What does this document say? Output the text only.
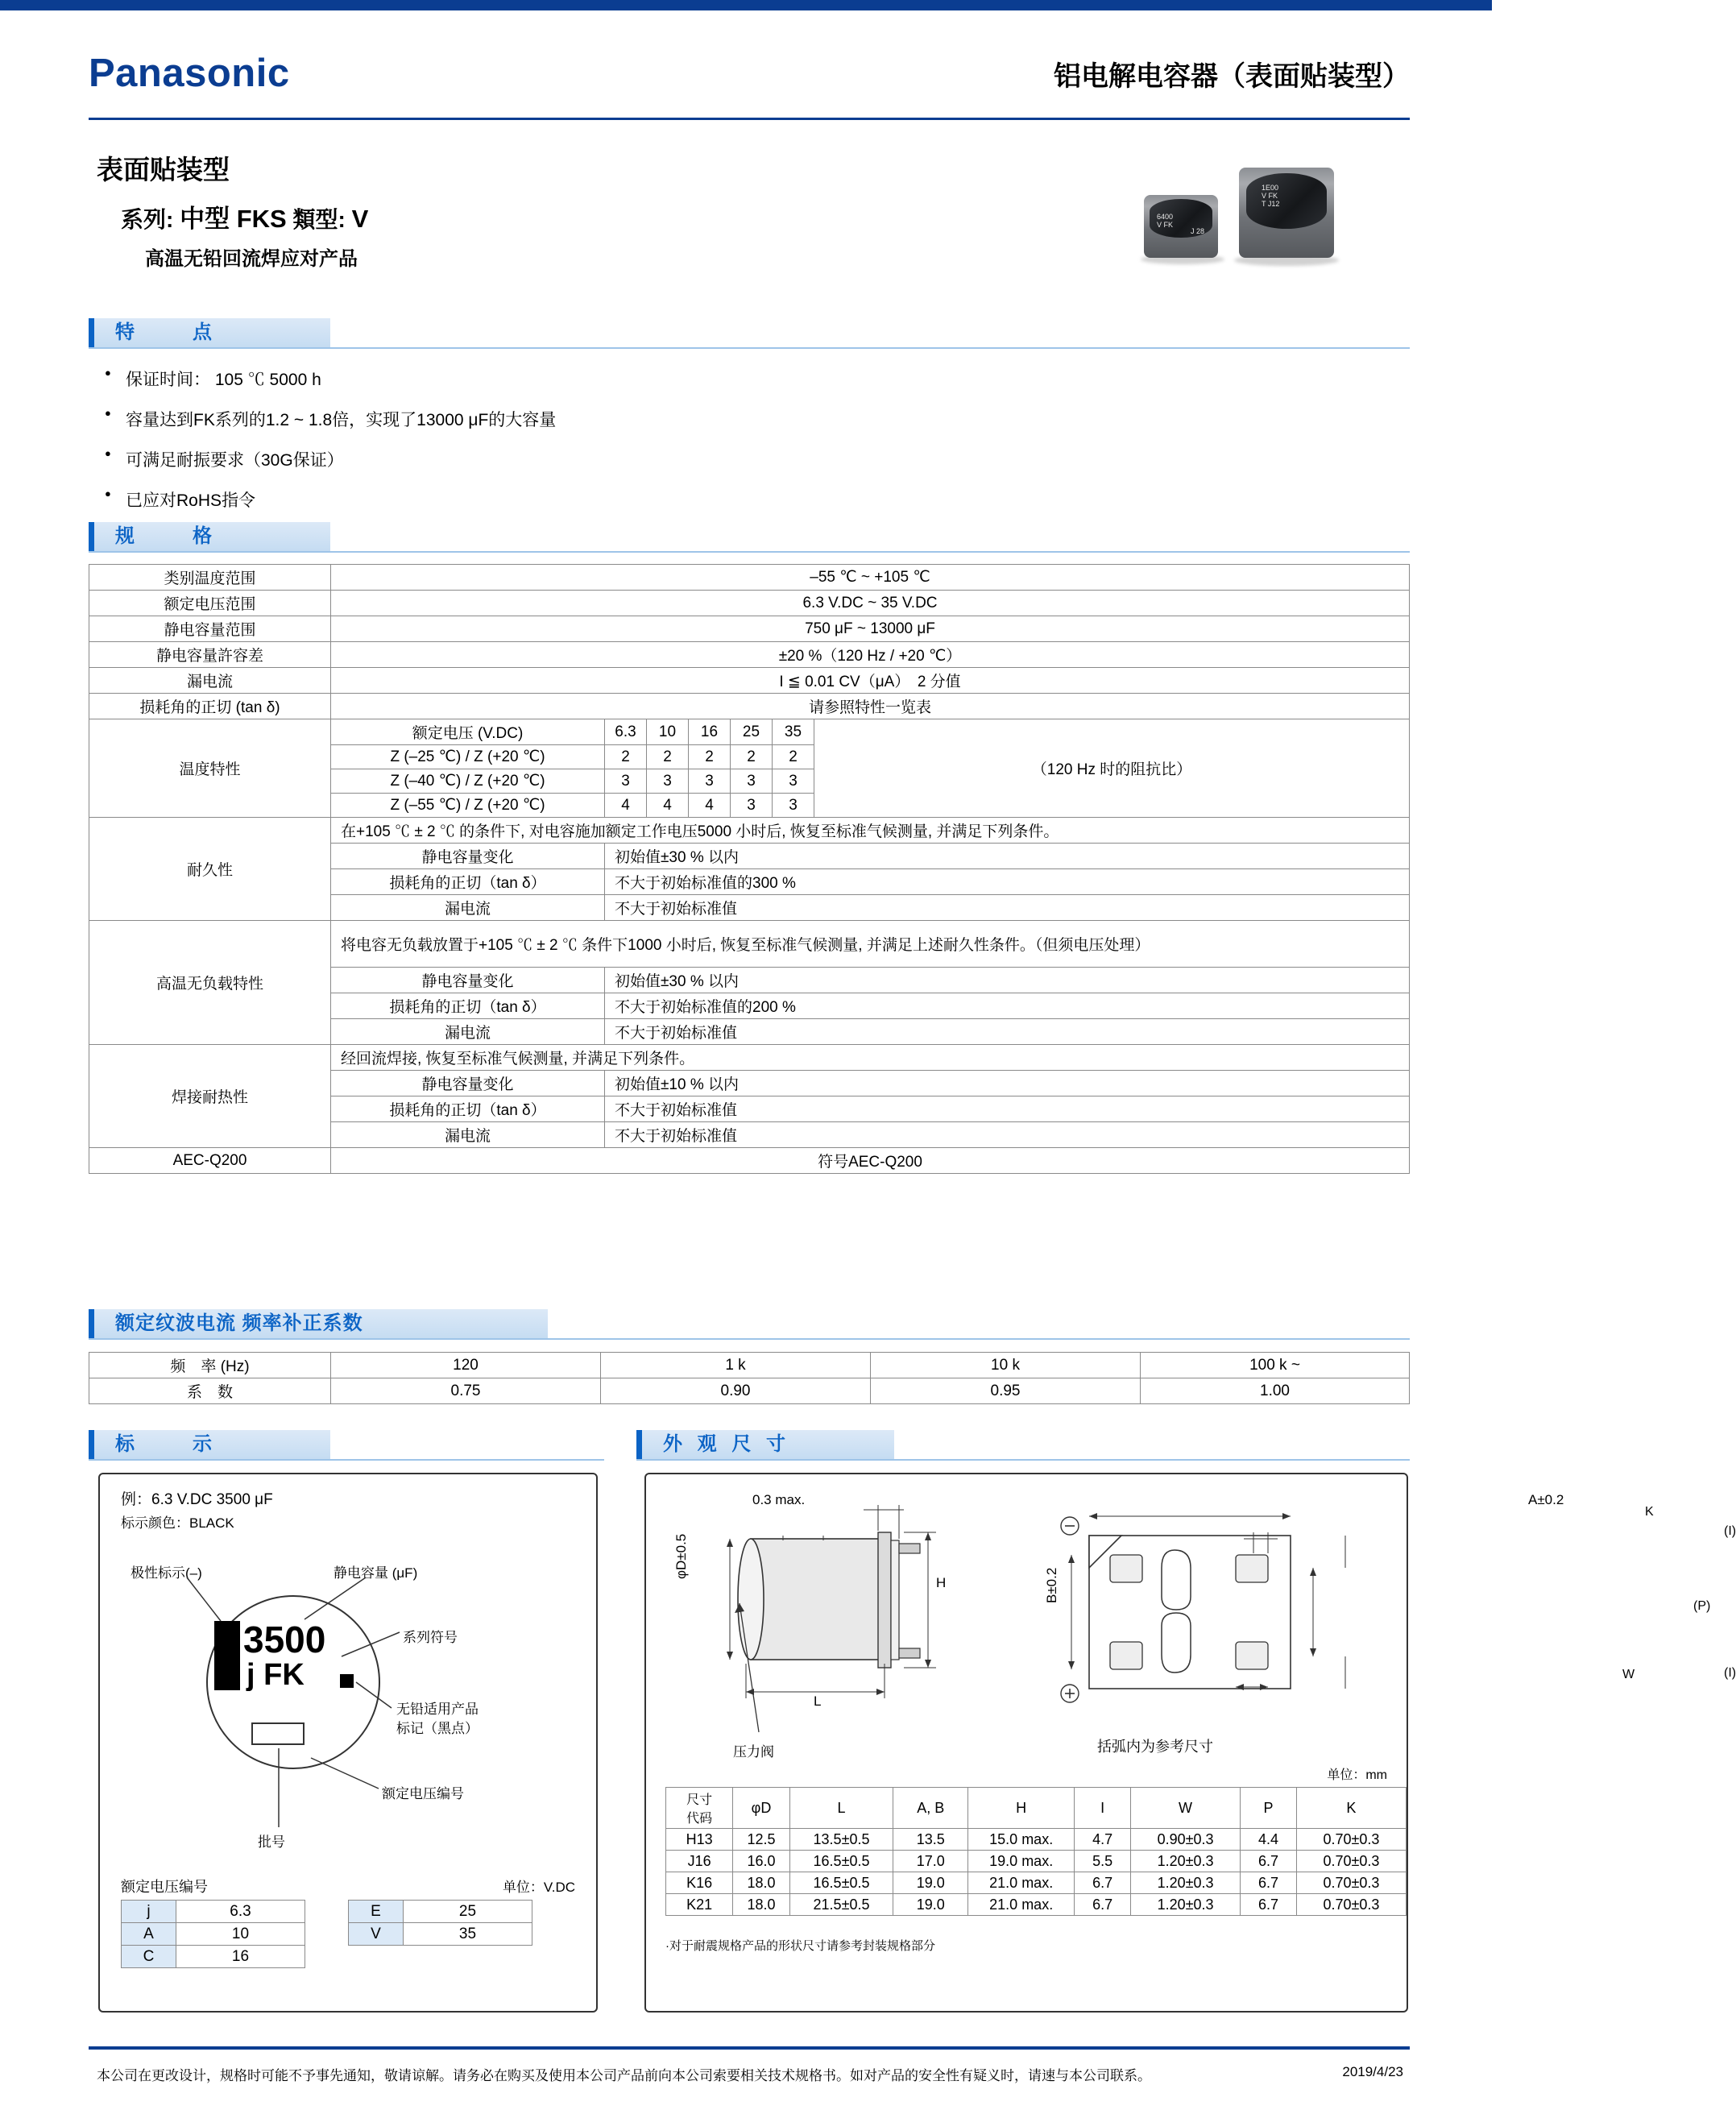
Panasonic	铝电解电容器（表面贴装型）
表面贴装型
系列: 中型 FKS 類型: V
高温无铅回流焊应对产品
6400
V FK
J 28
1E00
V FK
T J12
特　　点
● 保证时间： 105 ℃ 5000 h
● 容量达到FK系列的1.2 ~ 1.8倍，实现了13000 μF的大容量
● 可满足耐振要求（30G保证）
● 已应对RoHS指令
规　　格
类别温度范围	–55 ℃ ~ +105 ℃						
额定电压范围	6.3 V.DC ~ 35 V.DC						
静电容量范围	750 μF ~ 13000 μF						
静电容量許容差	±20 %（120 Hz / +20 ℃）						
漏电流	I ≦ 0.01 CV（μA）　2 分值						
损耗角的正切 (tan δ)	请参照特性一览表						
温度特性	额定电压 (V.DC)	6.3	10	16	25	35	（120 Hz 时的阻抗比）
	Z (–25 ℃) / Z (+20 ℃)	2	2	2	2	2	
	Z (–40 ℃) / Z (+20 ℃)	3	3	3	3	3	
	Z (–55 ℃) / Z (+20 ℃)	4	4	4	3	3	
耐久性	在+105 ℃ ± 2 ℃ 的条件下, 对电容施加额定工作电压5000 小时后, 恢复至标准气候测量, 并满足下列条件。						
	静电容量变化	初始值±30 % 以内					
	损耗角的正切（tan δ）	不大于初始标准值的300 %					
	漏电流	不大于初始标准值					
高温无负载特性	将电容无负载放置于+105 ℃ ± 2 ℃ 条件下1000 小时后, 恢复至标准气候测量, 并满足上述耐久性条件。（但须电压处理）						
	静电容量变化	初始值±30 % 以内					
	损耗角的正切（tan δ）	不大于初始标准值的200 %					
	漏电流	不大于初始标准值					
焊接耐热性	经回流焊接, 恢复至标准气候测量, 并满足下列条件。						
	静电容量变化	初始值±10 % 以内					
	损耗角的正切（tan δ）	不大于初始标准值					
	漏电流	不大于初始标准值					
AEC-Q200	符号AEC-Q200						
额定纹波电流 频率补正系数
频　率 (Hz)	120	1 k	10 k	100 k ~
系　数	0.75	0.90	0.95	1.00
标　　示
例：6.3 V.DC 3500 μF
标示颜色：BLACK
极性标示(–)	静电容量 (μF)
系列符号
无铅适用产品
标记（黑点）
额定电压编号
批号
3500
j FK
额定电压编号	单位：V.DC
j	6.3
A	10
C	16
E	25
V	35
外 观 尺 寸
0.3 max.
φD±0.5
H
L
压力阀
A±0.2
B±0.2
K
W
(P)
(I)
(I)
括弧内为参考尺寸
单位：mm
尺寸
代码	φD	L	A, B	H	I	W	P	K
H13	12.5	13.5±0.5	13.5	15.0 max.	4.7	0.90±0.3	4.4	0.70±0.3
J16	16.0	16.5±0.5	17.0	19.0 max.	5.5	1.20±0.3	6.7	0.70±0.3
K16	18.0	16.5±0.5	19.0	21.0 max.	6.7	1.20±0.3	6.7	0.70±0.3
K21	18.0	21.5±0.5	19.0	21.0 max.	6.7	1.20±0.3	6.7	0.70±0.3
·对于耐震规格产品的形状尺寸请参考封装规格部分
本公司在更改设计，规格时可能不予事先通知，敬请谅解。请务必在购买及使用本公司产品前向本公司索要相关技术规格书。如对产品的安全性有疑义时，请速与本公司联系。	2019/4/23
